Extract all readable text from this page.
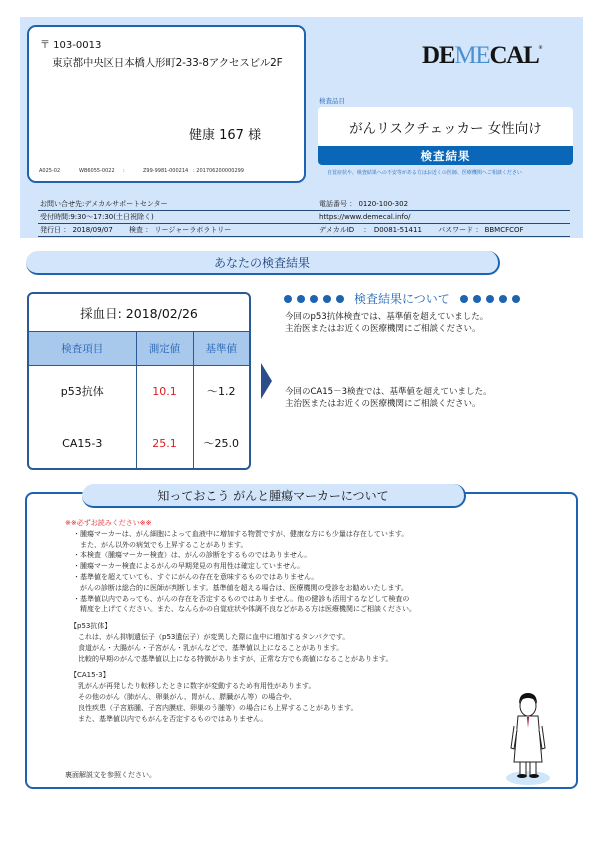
〒 103-0013
東京都中央区日本橋人形町2-33-8アクセスビル2F
健康 167 様
A025-02	WB6055-0022	:	Z99-9981-000214 : 201706200000299
DEMECAL®
検査品目
がんリスクチェッカー 女性向け
検査結果
自覚症状や、検査結果への不安等がある方はお近くの医師、医療機関へご相談ください
お問い合せ先:デメカルサポートセンター	電話番号 ： 0120-100-302
受付時間:9:30～17:30(土日祝除く)	https://www.demecal.info/
発行日 ： 2018/09/07　　 検査 ： リージャーラボラトリー	デメカルID　 ：　D0081-51411　　 パスワード ： BBMCFCOF
あなたの検査結果
採血日: 2018/02/26
検査項目	測定値	基準値
p53抗体	10.1	～1.2
CA15-3	25.1	～25.0
検査結果について
今回のp53抗体検査では、基準値を超えていました。
主治医またはお近くの医療機関にご相談ください。
今回のCA15－3検査では、基準値を超えていました。
主治医またはお近くの医療機関にご相談ください。
知っておこう がんと腫瘍マーカーについて
※※必ずお読みください※※
・腫瘍マーカーは、がん細胞によって血液中に増加する物質ですが、健康な方にも少量は存在しています。
また、がん以外の病気でも上昇することがあります。
・本検査（腫瘍マーカー検査）は、がんの診断をするものではありません。
・腫瘍マーカー検査によるがんの早期発見の有用性は確定していません。
・基準値を超えていても、すぐにがんの存在を意味するものではありません。
がんの診断は総合的に医師が判断します。基準値を超える場合は、医療機関の受診をお勧めいたします。
・基準値以内であっても、がんの存在を否定するものではありません。他の健診も活用するなどして検査の
精度を上げてください。また、なんらかの自覚症状や体調不良などがある方は医療機関にご相談ください。
【p53抗体】
これは、がん抑制遺伝子（p53遺伝子）が変異した際に血中に増加するタンパクです。
食道がん・大腸がん・子宮がん・乳がんなどで、基準値以上になることがあります。
比較的早期のがんで基準値以上になる特徴がありますが、正常な方でも高値になることがあります。
【CA15-3】
乳がんが再発したり転移したときに数字が変動するため有用性があります。
その他のがん（肺がん、卵巣がん、胃がん、膵臓がん等）の場合や、
良性疾患（子宮筋腫、子宮内膜症、卵巣のう腫等）の場合にも上昇することがあります。
また、基準値以内でもがんを否定するものではありません。
裏面解説文を参照ください。
